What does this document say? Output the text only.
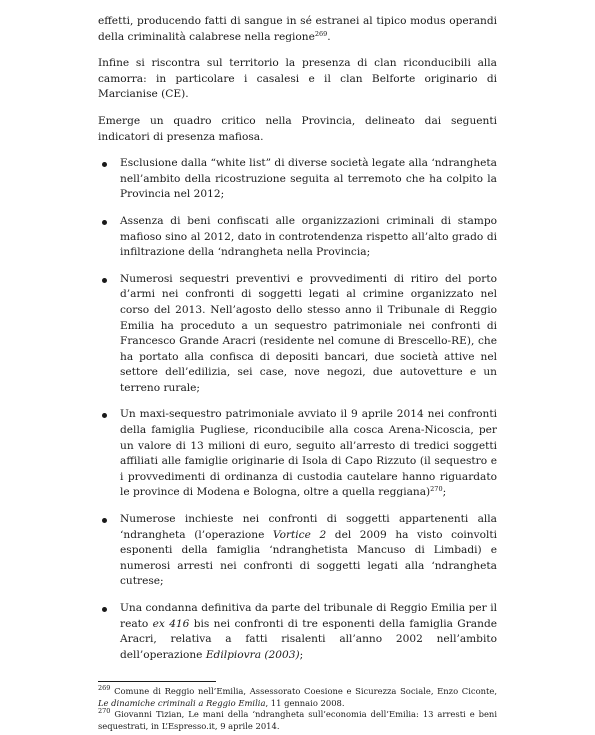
effetti, producendo fatti di sangue in sé estranei al tipico modus operandi della criminalità calabrese nella regione$^{269}$.

Infine si riscontra sul territorio la presenza di clan riconducibili alla camorra: in particolare i casalesi e il clan Belforte originario di Marcianise (CE).

Emerge un quadro critico nella Provincia, delineato dai seguenti indicatori di presenza mafiosa.

Esclusione dalla “white list” di diverse società legate alla ‘ndrangheta nell’ambito della ricostruzione seguita al terremoto che ha colpito la Provincia nel 2012;

Assenza di beni confiscati alle organizzazioni criminali di stampo mafioso sino al 2012, dato in controtendenza rispetto all’alto grado di infiltrazione della ‘ndrangheta nella Provincia;

Numerosi sequestri preventivi e provvedimenti di ritiro del porto d’armi nei confronti di soggetti legati al crimine organizzato nel corso del 2013. Nell’agosto dello stesso anno il Tribunale di Reggio Emilia ha proceduto a un sequestro patrimoniale nei confronti di Francesco Grande Aracri (residente nel comune di Brescello-RE), che ha portato alla confisca di depositi bancari, due società attive nel settore dell’edilizia, sei case, nove negozi, due autovetture e un terreno rurale;

Un maxi-sequestro patrimoniale avviato il 9 aprile 2014 nei confronti della famiglia Pugliese, riconducibile alla cosca Arena-Nicoscia, per un valore di 13 milioni di euro, seguito all’arresto di tredici soggetti affiliati alle famiglie originarie di Isola di Capo Rizzuto (il sequestro e i provvedimenti di ordinanza di custodia cautelare hanno riguardato le province di Modena e Bologna, oltre a quella reggiana)$^{270}$;

Numerose inchieste nei confronti di soggetti appartenenti alla ‘ndrangheta (l’operazione Vortice 2 del 2009 ha visto coinvolti esponenti della famiglia ‘ndranghetista Mancuso di Limbadi) e numerosi arresti nei confronti di soggetti legati alla ‘ndrangheta cutrese;

Una condanna definitiva da parte del tribunale di Reggio Emilia per il reato ex 416 bis nei confronti di tre esponenti della famiglia Grande Aracri, relativa a fatti risalenti all’anno 2002 nell’ambito dell’operazione Edilpiovra (2003);

$^{269}$ Comune di Reggio nell’Emilia, Assessorato Coesione e Sicurezza Sociale, Enzo Ciconte, Le dinamiche criminali a Reggio Emilia, 11 gennaio 2008.

$^{270}$ Giovanni Tizian, Le mani della ‘ndrangheta sull’economia dell’Emilia: 13 arresti e beni sequestrati, in L’Espresso.it, 9 aprile 2014.
